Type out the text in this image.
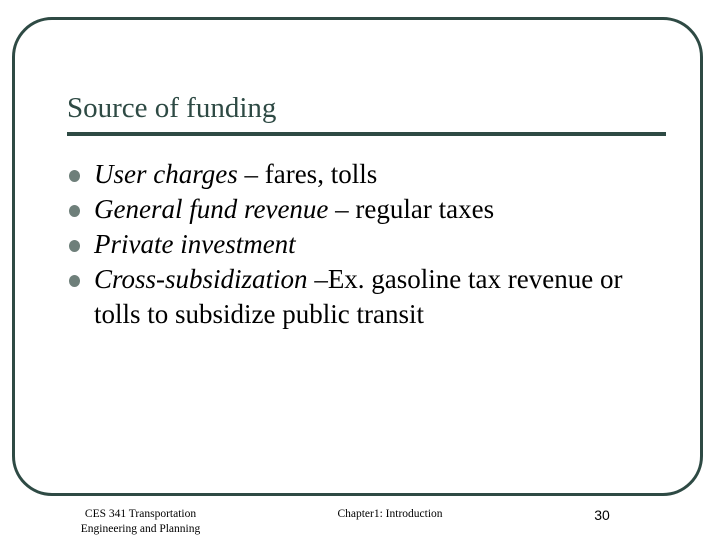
Source of funding
User charges – fares, tolls
General fund revenue – regular taxes
Private investment
Cross-subsidization –Ex. gasoline tax revenue or tolls to subsidize public transit
CES 341 Transportation
Engineering and Planning
Chapter1: Introduction	30
